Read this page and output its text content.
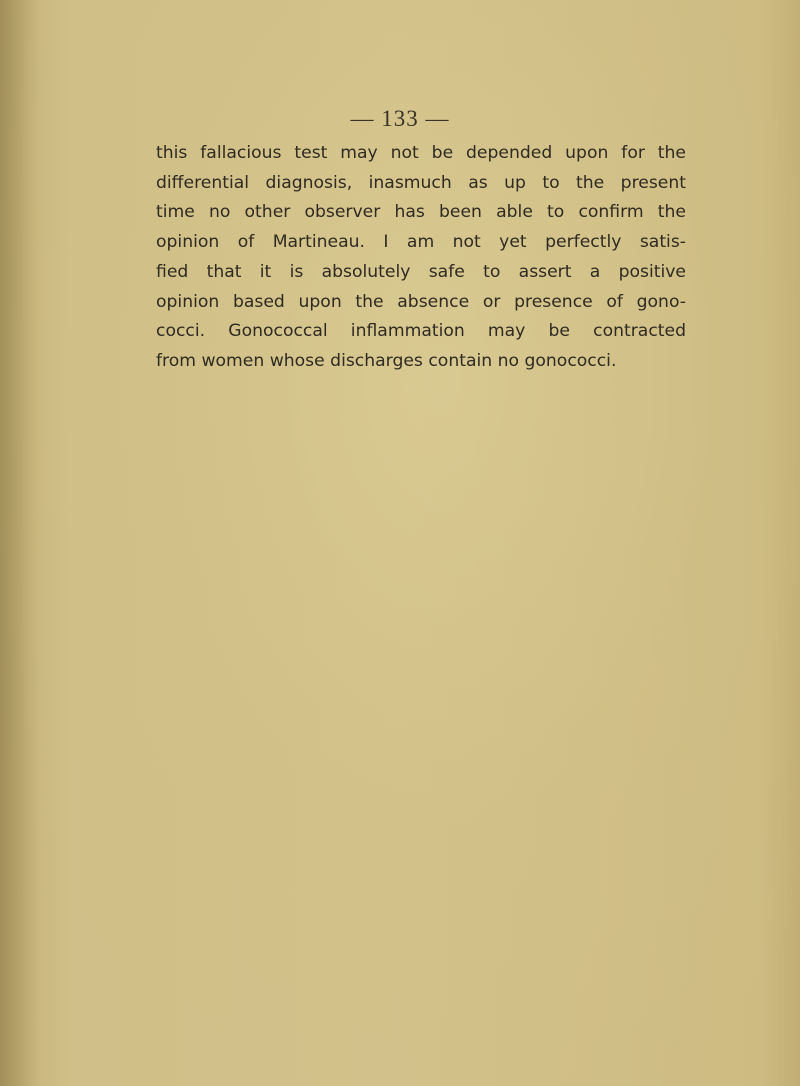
— 133 —
this fallacious test may not be depended upon for the
differential diagnosis, inasmuch as up to the present
time no other observer has been able to confirm the
opinion of Martineau. I am not yet perfectly satis-
fied that it is absolutely safe to assert a positive
opinion based upon the absence or presence of gono-
cocci. Gonococcal inflammation may be contracted
from women whose discharges contain no gonococci.
